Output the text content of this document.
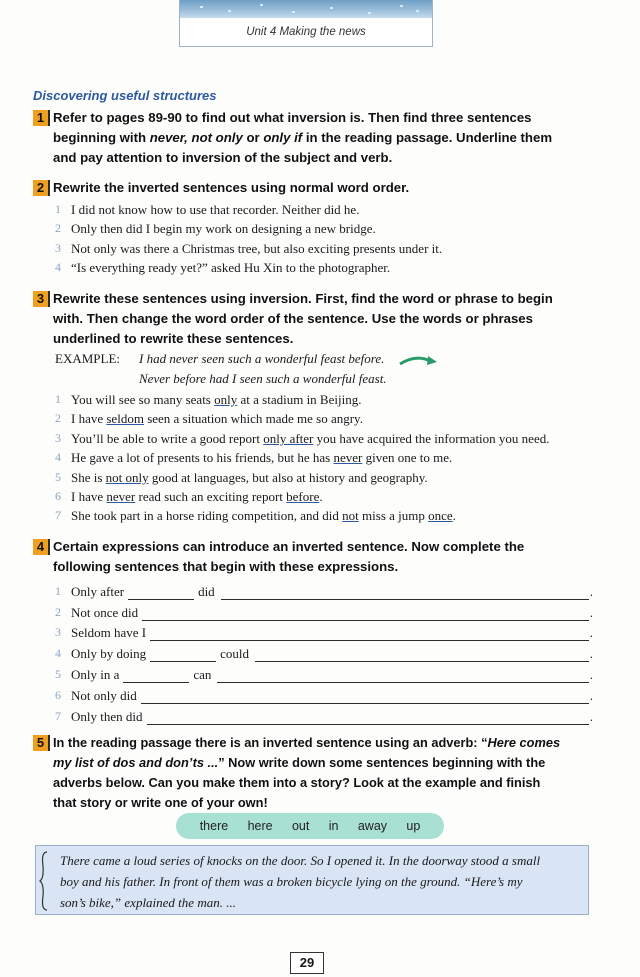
Unit 4 Making the news
Discovering useful structures
1 Refer to pages 89-90 to find out what inversion is. Then find three sentences
beginning with never, not only or only if in the reading passage. Underline them
and pay attention to inversion of the subject and verb.
2 Rewrite the inverted sentences using normal word order.
1 I did not know how to use that recorder. Neither did he.
2 Only then did I begin my work on designing a new bridge.
3 Not only was there a Christmas tree, but also exciting presents under it.
4 “Is everything ready yet?” asked Hu Xin to the photographer.
3 Rewrite these sentences using inversion. First, find the word or phrase to begin
with. Then change the word order of the sentence. Use the words or phrases
underlined to rewrite these sentences.
EXAMPLE: I had never seen such a wonderful feast before.
Never before had I seen such a wonderful feast.
1 You will see so many seats only at a stadium in Beijing.
2 I have seldom seen a situation which made me so angry.
3 You’ll be able to write a good report only after you have acquired the information you need.
4 He gave a lot of presents to his friends, but he has never given one to me.
5 She is not only good at languages, but also at history and geography.
6 I have never read such an exciting report before.
7 She took part in a horse riding competition, and did not miss a jump once.
4 Certain expressions can introduce an inverted sentence. Now complete the
following sentences that begin with these expressions.
1 Only after	did	.
2 Not once did	.
3 Seldom have I	.
4 Only by doing	could	.
5 Only in a	can	.
6 Not only did	.
7 Only then did	.
5 In the reading passage there is an inverted sentence using an adverb: “Here comes
my list of dos and don’ts ...” Now write down some sentences beginning with the
adverbs below. Can you make them into a story? Look at the example and finish
that story or write one of your own!
there here out in away up
There came a loud series of knocks on the door. So I opened it. In the doorway stood a small
boy and his father. In front of them was a broken bicycle lying on the ground. “Here’s my
son’s bike,” explained the man. ...
29
